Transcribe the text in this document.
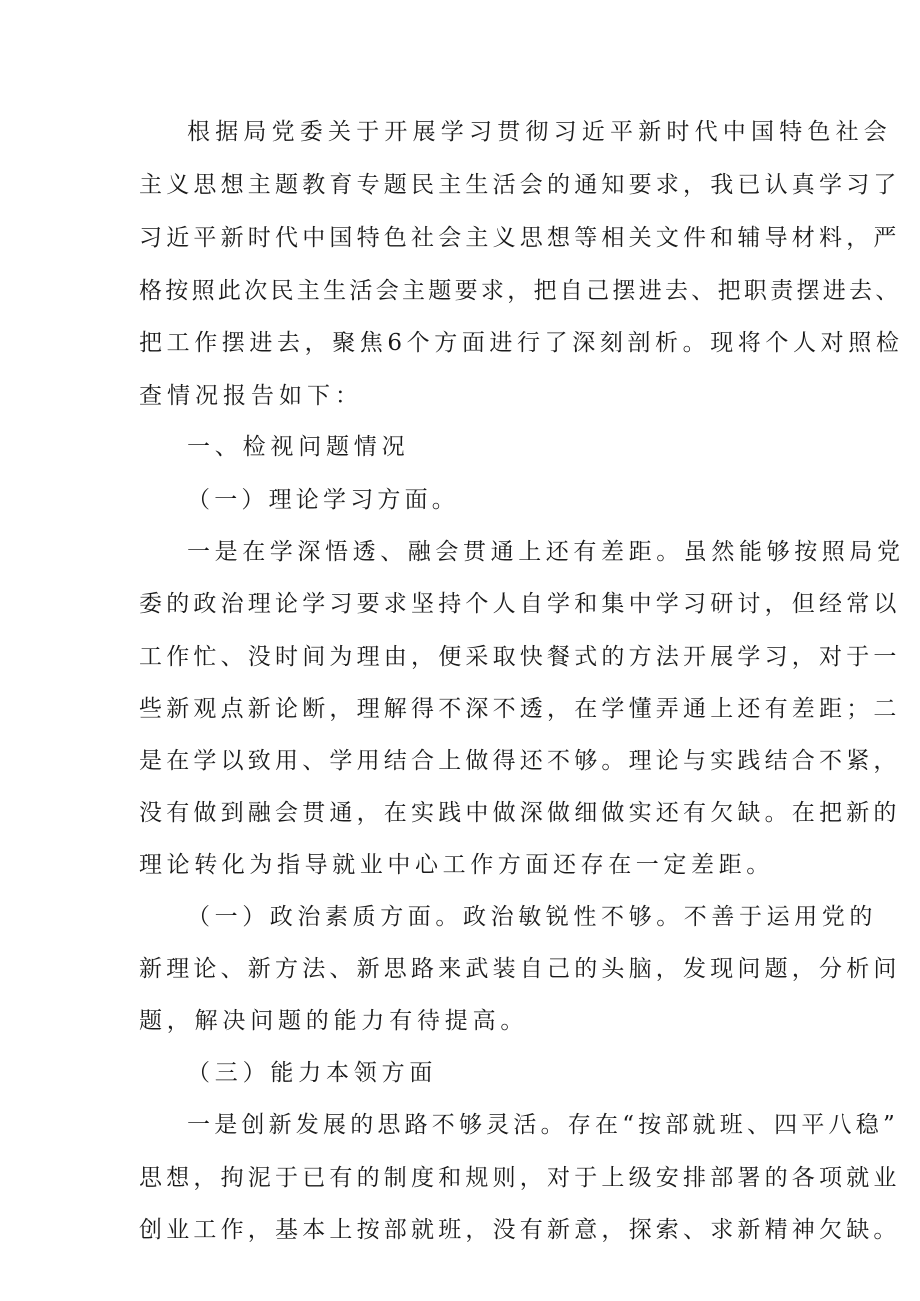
根据局党委关于开展学习贯彻习近平新时代中国特色社会
主义思想主题教育专题民主生活会的通知要求，我已认真学习了
习近平新时代中国特色社会主义思想等相关文件和辅导材料，严
格按照此次民主生活会主题要求，把自己摆进去、把职责摆进去、
把工作摆进去，聚焦6个方面进行了深刻剖析。现将个人对照检
查情况报告如下：
一、检视问题情况
（一）理论学习方面。
一是在学深悟透、融会贯通上还有差距。虽然能够按照局党
委的政治理论学习要求坚持个人自学和集中学习研讨，但经常以
工作忙、没时间为理由，便采取快餐式的方法开展学习，对于一
些新观点新论断，理解得不深不透，在学懂弄通上还有差距；二
是在学以致用、学用结合上做得还不够。理论与实践结合不紧，
没有做到融会贯通，在实践中做深做细做实还有欠缺。在把新的
理论转化为指导就业中心工作方面还存在一定差距。
（一）政治素质方面。政治敏锐性不够。不善于运用党的
新理论、新方法、新思路来武装自己的头脑，发现问题，分析问
题，解决问题的能力有待提高。
（三）能力本领方面
一是创新发展的思路不够灵活。存在“按部就班、四平八稳”
思想，拘泥于已有的制度和规则，对于上级安排部署的各项就业
创业工作，基本上按部就班，没有新意，探索、求新精神欠缺。
